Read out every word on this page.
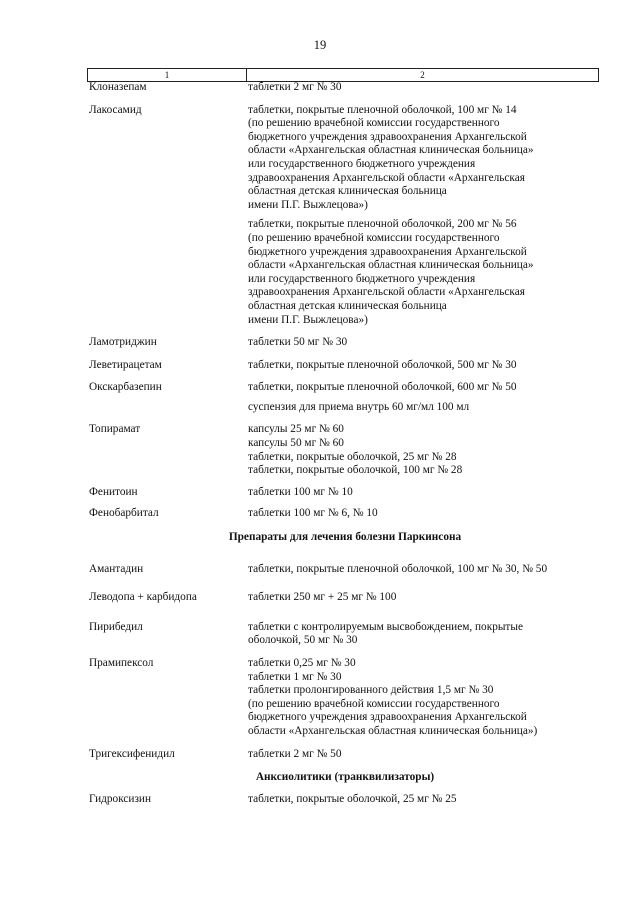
19
1	2
Клоназепам	таблетки 2 мг № 30
Лакосамид	таблетки, покрытые пленочной оболочкой, 100 мг № 14
(по решению врачебной комиссии государственного
бюджетного учреждения здравоохранения Архангельской
области «Архангельская областная клиническая больница»
или государственного бюджетного учреждения
здравоохранения Архангельской области «Архангельская
областная детская клиническая больница
имени П.Г. Выжлецова»)
таблетки, покрытые пленочной оболочкой, 200 мг № 56
(по решению врачебной комиссии государственного
бюджетного учреждения здравоохранения Архангельской
области «Архангельская областная клиническая больница»
или государственного бюджетного учреждения
здравоохранения Архангельской области «Архангельская
областная детская клиническая больница
имени П.Г. Выжлецова»)
Ламотриджин	таблетки 50 мг № 30
Леветирацетам	таблетки, покрытые пленочной оболочкой, 500 мг № 30
Окскарбазепин	таблетки, покрытые пленочной оболочкой, 600 мг № 50
суспензия для приема внутрь 60 мг/мл 100 мл
Топирамат	капсулы 25 мг № 60
капсулы 50 мг № 60
таблетки, покрытые оболочкой, 25 мг № 28
таблетки, покрытые оболочкой, 100 мг № 28
Фенитоин	таблетки 100 мг № 10
Фенобарбитал	таблетки 100 мг № 6, № 10
Препараты для лечения болезни Паркинсона
Амантадин	таблетки, покрытые пленочной оболочкой, 100 мг № 30, № 50
Леводопа + карбидопа	таблетки 250 мг + 25 мг № 100
Пирибедил	таблетки с контролируемым высвобождением, покрытые
оболочкой, 50 мг № 30
Прамипексол	таблетки 0,25 мг № 30
таблетки 1 мг № 30
таблетки пролонгированного действия 1,5 мг № 30
(по решению врачебной комиссии государственного
бюджетного учреждения здравоохранения Архангельской
области «Архангельская областная клиническая больница»)
Тригексифенидил	таблетки 2 мг № 50
Анксиолитики (транквилизаторы)
Гидроксизин	таблетки, покрытые оболочкой, 25 мг № 25
